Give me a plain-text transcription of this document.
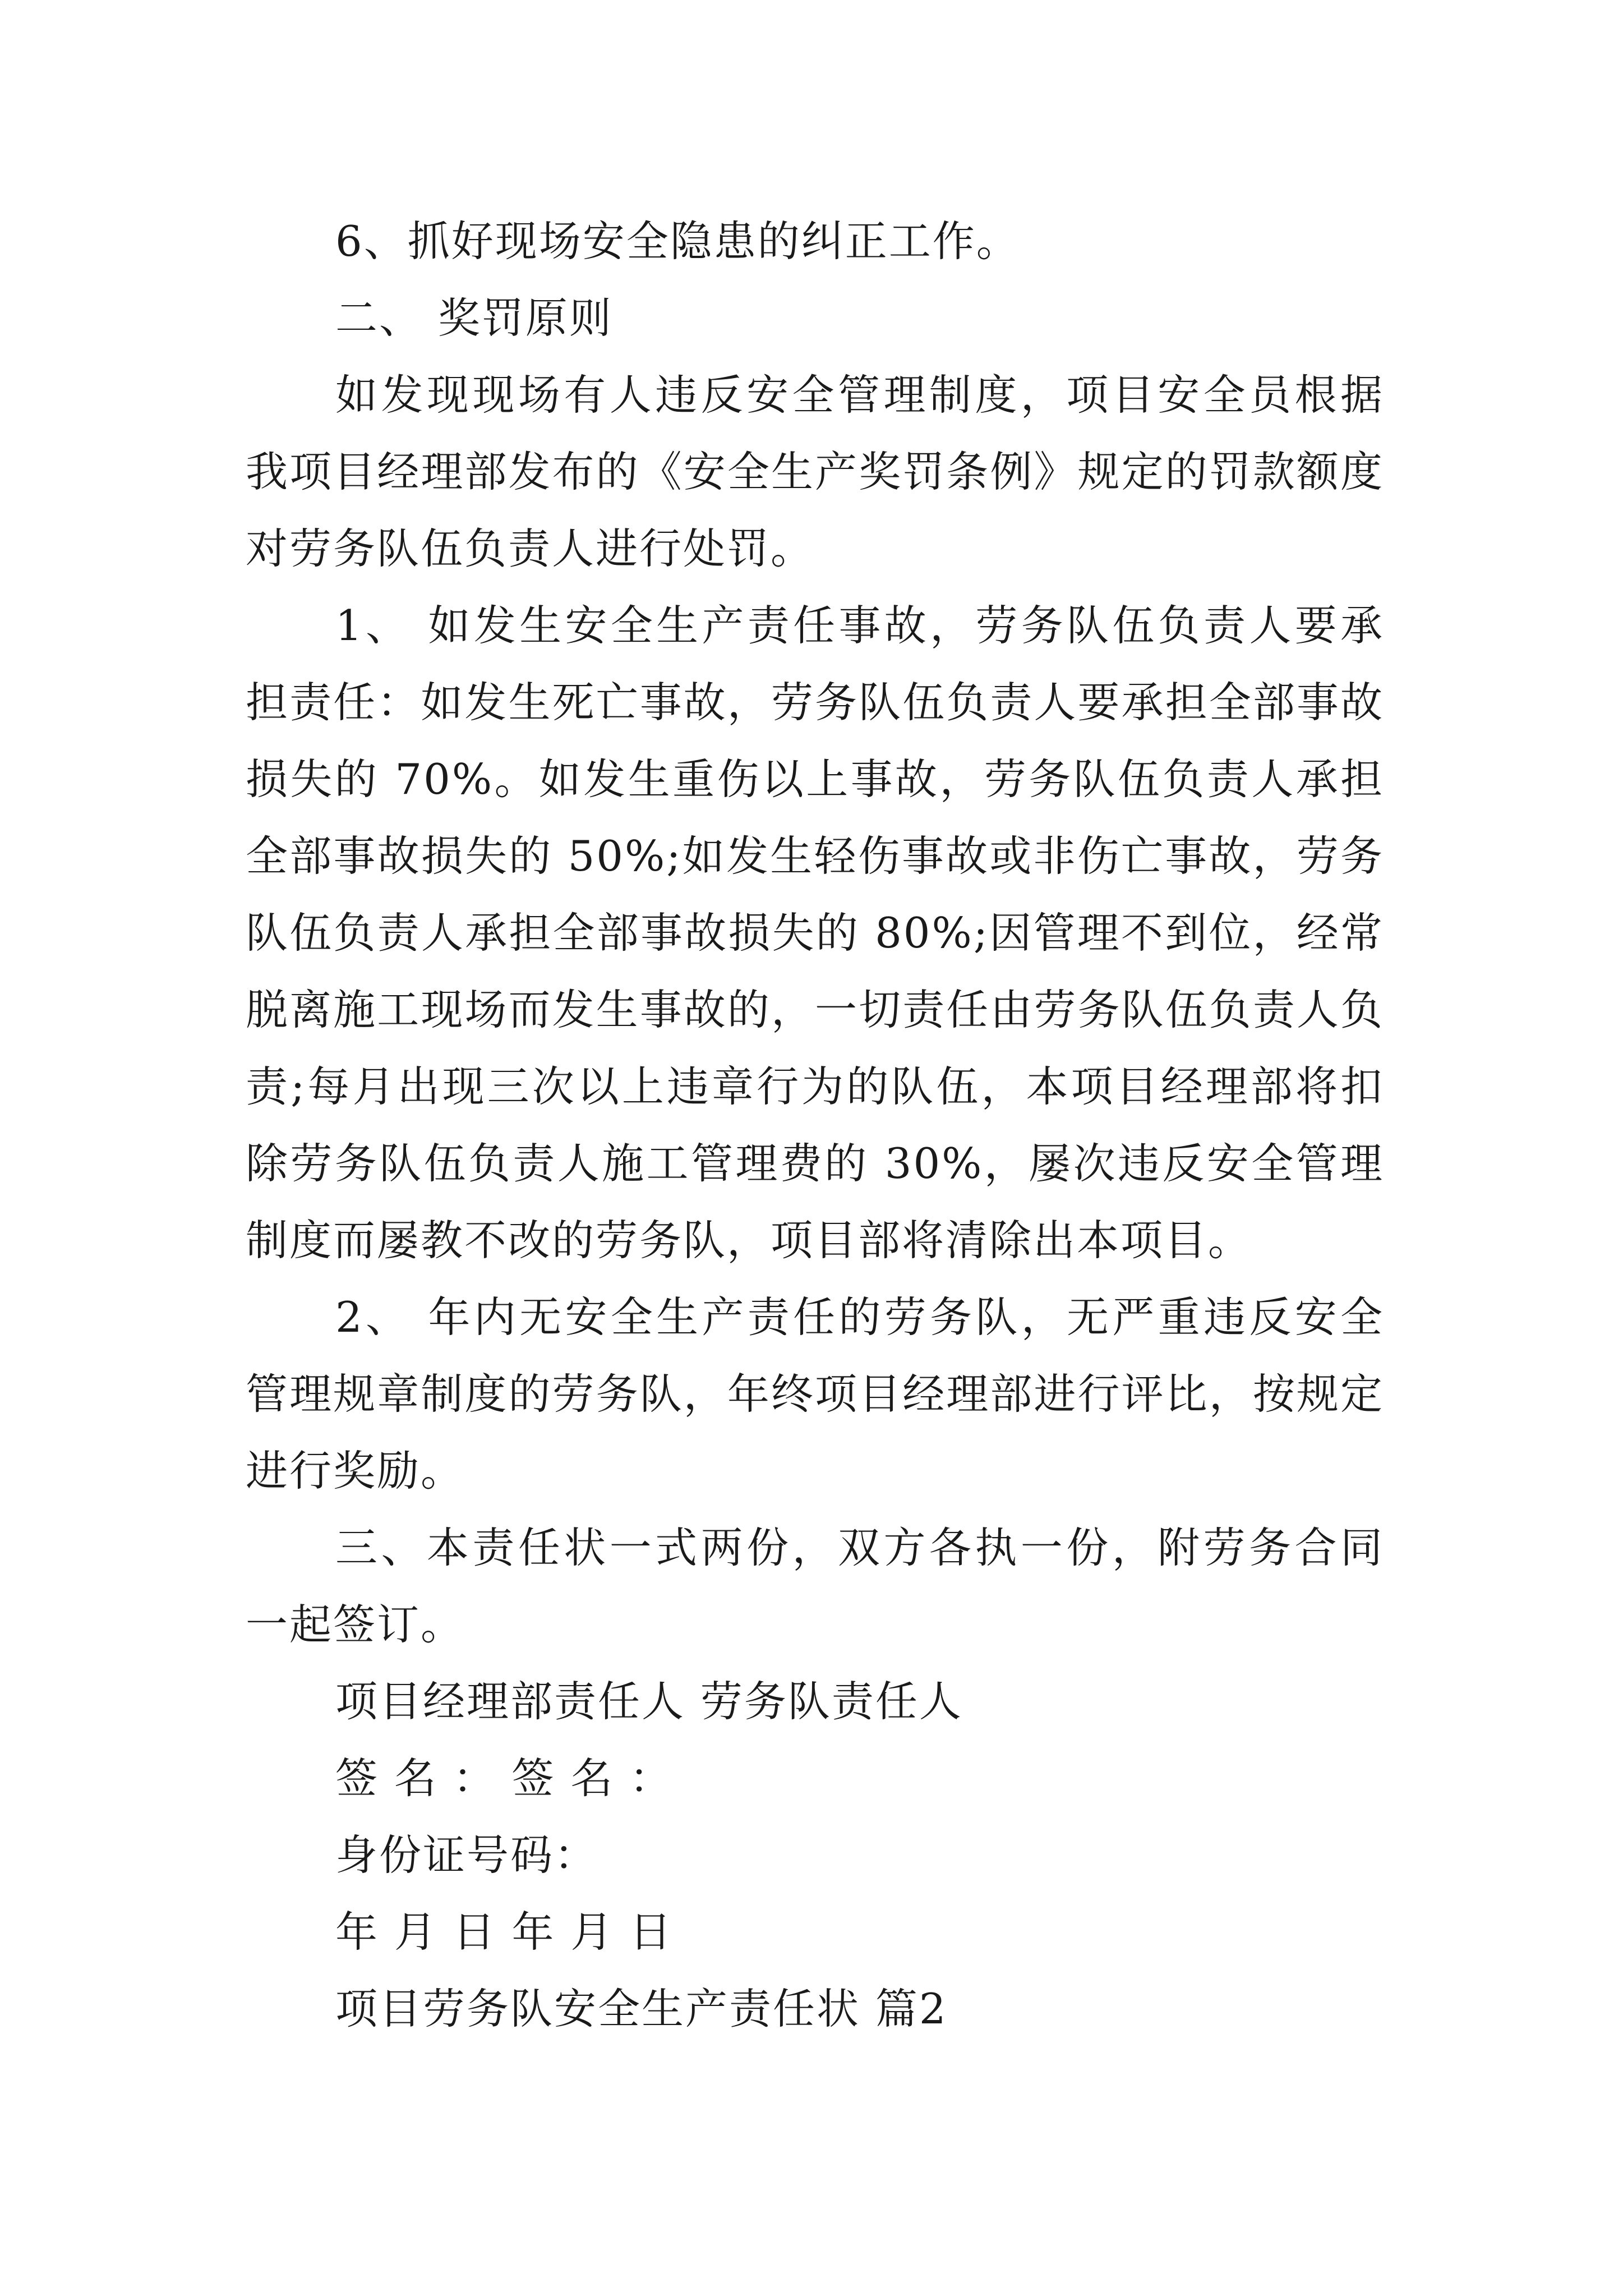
6、抓好现场安全隐患的纠正工作。

二、 奖罚原则

如发现现场有人违反安全管理制度，项目安全员根据我项目经理部发布的《安全生产奖罚条例》规定的罚款额度对劳务队伍负责人进行处罚。

1、 如发生安全生产责任事故，劳务队伍负责人要承担责任：如发生死亡事故，劳务队伍负责人要承担全部事故损失的 70%。如发生重伤以上事故，劳务队伍负责人承担全部事故损失的 50%;如发生轻伤事故或非伤亡事故，劳务队伍负责人承担全部事故损失的 80%;因管理不到位，经常脱离施工现场而发生事故的，一切责任由劳务队伍负责人负责;每月出现三次以上违章行为的队伍，本项目经理部将扣除劳务队伍负责人施工管理费的 30%，屡次违反安全管理制度而屡教不改的劳务队，项目部将清除出本项目。

2、 年内无安全生产责任的劳务队，无严重违反安全管理规章制度的劳务队，年终项目经理部进行评比，按规定进行奖励。

三、本责任状一式两份，双方各执一份，附劳务合同一起签订。

项目经理部责任人 劳务队责任人

签 名 ： 签 名 ：

身份证号码：

年 月 日 年 月 日

项目劳务队安全生产责任状 篇2
